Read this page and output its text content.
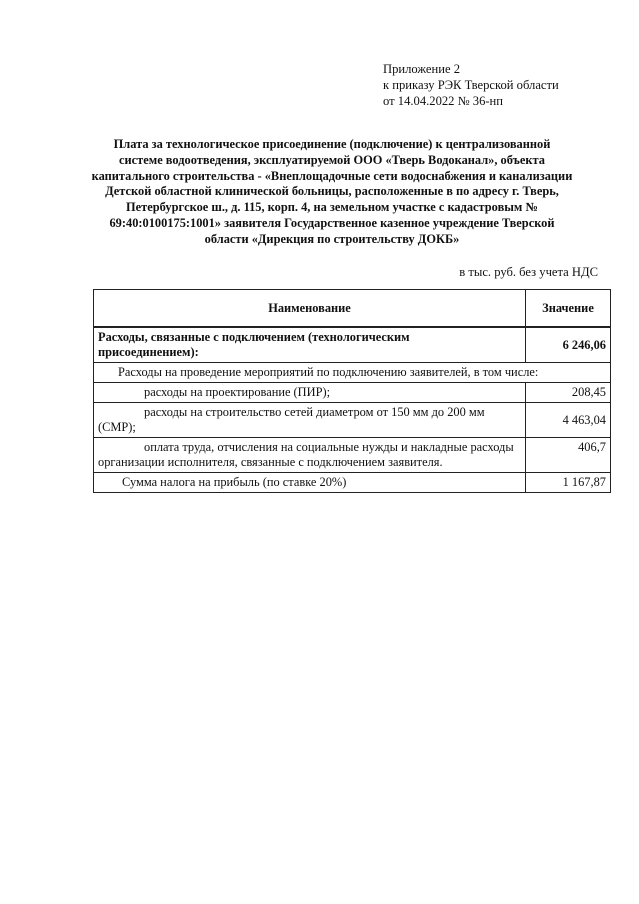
Приложение 2
к приказу РЭК Тверской области
от 14.04.2022 № 36-нп
Плата за технологическое присоединение (подключение) к централизованной
системе водоотведения, эксплуатируемой ООО «Тверь Водоканал», объекта
капитального строительства - «Внеплощадочные сети водоснабжения и канализации
Детской областной клинической больницы, расположенные в по адресу г. Тверь,
Петербургское ш., д. 115, корп. 4, на земельном участке с кадастровым №
69:40:0100175:1001» заявителя Государственное казенное учреждение Тверской
области «Дирекция по строительству ДОКБ»
в тыс. руб. без учета НДС
Наименование	Значение

Расходы, связанные с подключением (технологическим
присоединением):	6 246,06
Расходы на проведение мероприятий по подключению заявителей, в том числе:	
расходы на проектирование (ПИР);	208,45
расходы на строительство сетей диаметром от 150 мм до 200 мм (СМР);	4 463,04
оплата труда, отчисления на социальные нужды и накладные расходы организации исполнителя, связанные с подключением заявителя.	406,7
Сумма налога на прибыль (по ставке 20%)	1 167,87
